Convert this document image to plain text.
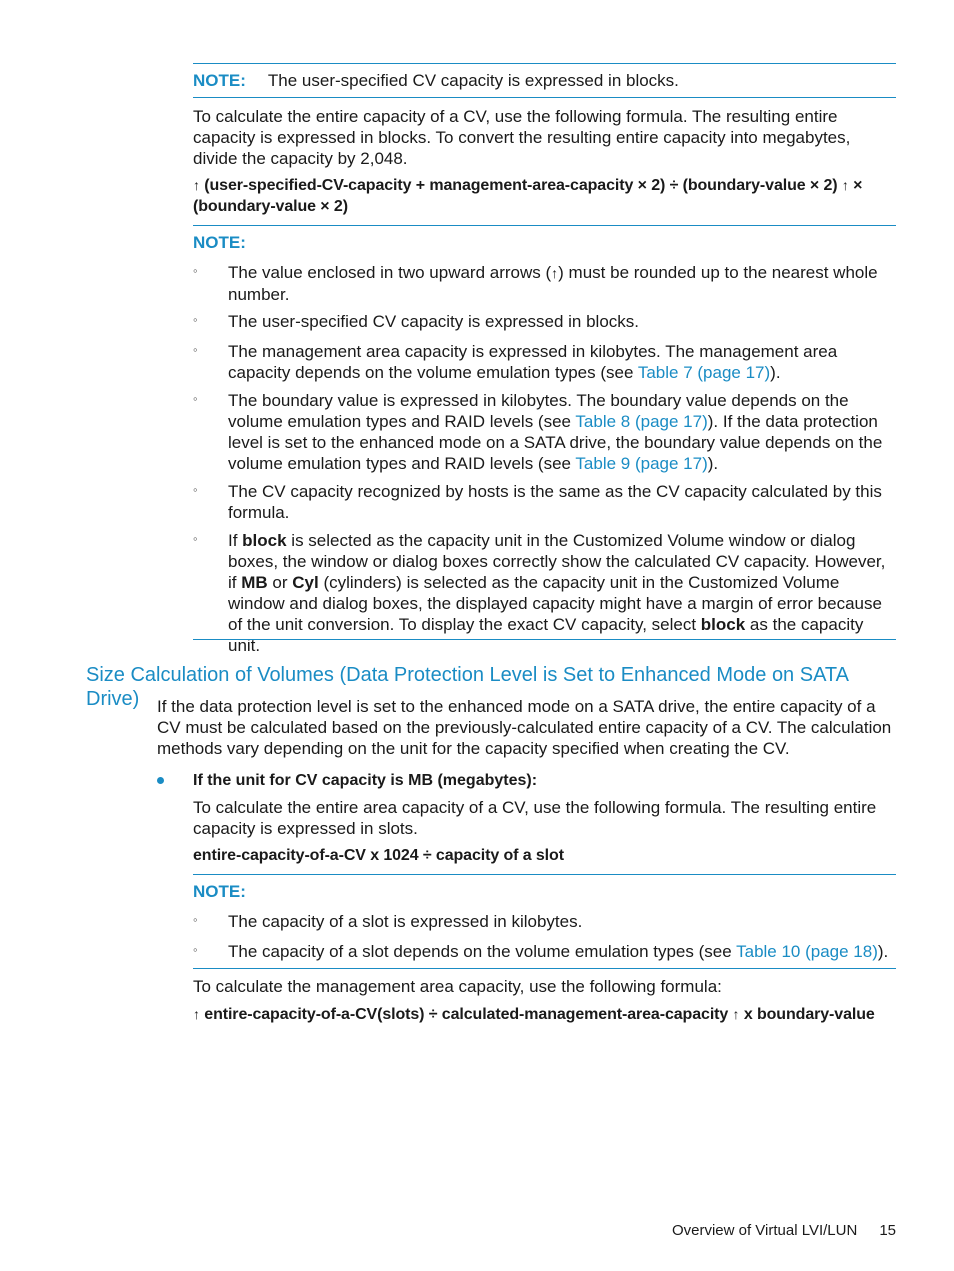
NOTE: The user-specified CV capacity is expressed in blocks.

To calculate the entire capacity of a CV, use the following formula. The resulting entire capacity is expressed in blocks. To convert the resulting entire capacity into megabytes, divide the capacity by 2,048.

↑ (user-specified-CV-capacity + management-area-capacity × 2) ÷ (boundary-value × 2) ↑ ×
(boundary-value × 2)
NOTE:
◦	The value enclosed in two upward arrows (↑) must be rounded up to the nearest whole number.

◦	The user-specified CV capacity is expressed in blocks.

◦	The management area capacity is expressed in kilobytes. The management area capacity depends on the volume emulation types (see Table 7 (page 17)).

◦	The boundary value is expressed in kilobytes. The boundary value depends on the volume emulation types and RAID levels (see Table 8 (page 17)). If the data protection level is set to the enhanced mode on a SATA drive, the boundary value depends on the volume emulation types and RAID levels (see Table 9 (page 17)).

◦	The CV capacity recognized by hosts is the same as the CV capacity calculated by this formula.

◦	If block is selected as the capacity unit in the Customized Volume window or dialog boxes, the window or dialog boxes correctly show the calculated CV capacity. However, if MB or Cyl (cylinders) is selected as the capacity unit in the Customized Volume window and dialog boxes, the displayed capacity might have a margin of error because of the unit conversion. To display the exact CV capacity, select block as the capacity unit.

Size Calculation of Volumes (Data Protection Level is Set to Enhanced Mode on SATA Drive)	If the data protection level is set to the enhanced mode on a SATA drive, the entire capacity of a CV must be calculated based on the previously-calculated entire capacity of a CV. The calculation methods vary depending on the unit for the capacity specified when creating the CV.

If the unit for CV capacity is MB (megabytes):

To calculate the entire area capacity of a CV, use the following formula. The resulting entire capacity is expressed in slots.

entire-capacity-of-a-CV x 1024 ÷ capacity of a slot

NOTE:
◦	The capacity of a slot is expressed in kilobytes.

◦	The capacity of a slot depends on the volume emulation types (see Table 10 (page 18)).

To calculate the management area capacity, use the following formula:

↑ entire-capacity-of-a-CV(slots) ÷ calculated-management-area-capacity ↑ x boundary-value
Overview of Virtual LVI/LUN 15
